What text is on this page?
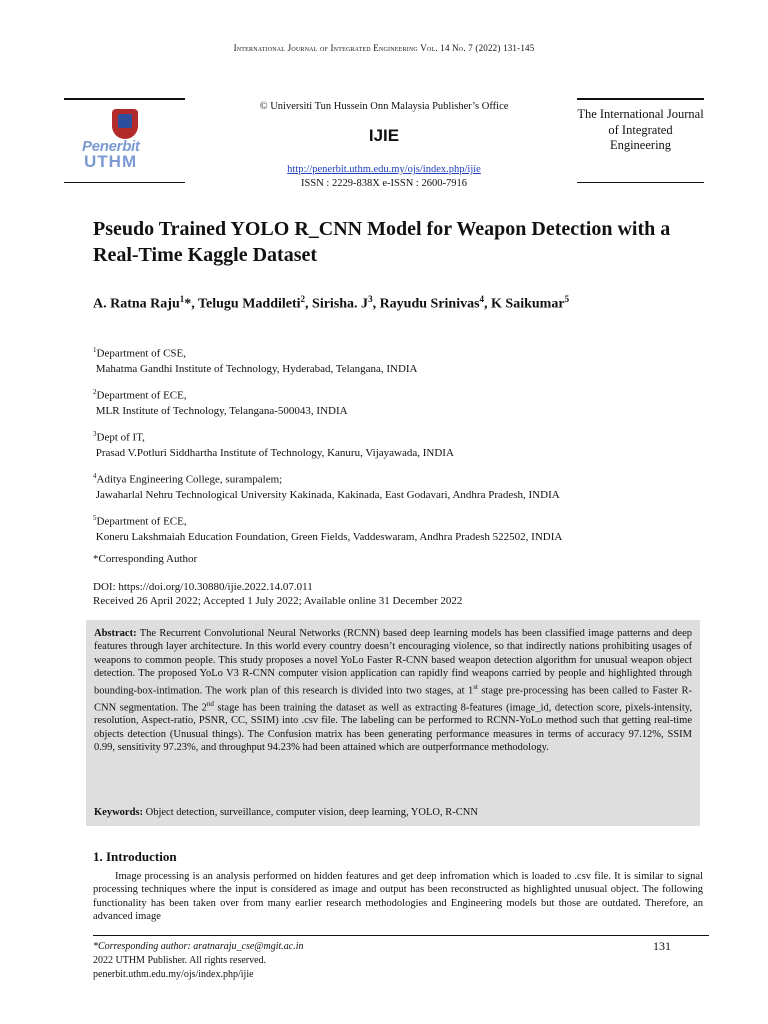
International Journal of Integrated Engineering Vol. 14 No. 7 (2022) 131-145
Penerbit
UTHM
© Universiti Tun Hussein Onn Malaysia Publisher’s Office
IJIE
http://penerbit.uthm.edu.my/ojs/index.php/ijie
ISSN : 2229-838X e-ISSN : 2600-7916
The International Journal of Integrated Engineering
Pseudo Trained YOLO R_CNN Model for Weapon Detection with a Real-Time Kaggle Dataset
A. Ratna Raju$^1$*, Telugu Maddileti$^2$, Sirisha. $J^3$, Rayudu Srinivas$^4$, K Saikumar$^5$
$^1$Department of CSE,
Mahatma Gandhi Institute of Technology, Hyderabad, Telangana, INDIA
$^2$Department of ECE,
MLR Institute of Technology, Telangana-500043, INDIA
$^3$Dept of IT,
Prasad V.Potluri Siddhartha Institute of Technology, Kanuru, Vijayawada, INDIA
$^4$Aditya Engineering College, surampalem;
Jawaharlal Nehru Technological University Kakinada, Kakinada, East Godavari, Andhra Pradesh, INDIA
$^5$Department of ECE,
Koneru Lakshmaiah Education Foundation, Green Fields, Vaddeswaram, Andhra Pradesh 522502, INDIA
*Corresponding Author
DOI: https://doi.org/10.30880/ijie.2022.14.07.011
Received 26 April 2022; Accepted 1 July 2022; Available online 31 December 2022
Abstract: The Recurrent Convolutional Neural Networks (RCNN) based deep learning models has been classified image patterns and deep features through layer architecture. In this world every country doesn’t encouraging violence, so that indirectly nations prohibiting usages of weapons to common people. This study proposes a novel YoLo Faster R-CNN based weapon detection algorithm for unusual weapon object detection. The proposed YoLo V3 R-CNN computer vision application can rapidly find weapons carried by people and highlighted through bounding-box-intimation. The work plan of this research is divided into two stages, at 1st stage pre-processing has been called to Faster R-CNN segmentation. The 2nd stage has been training the dataset as well as extracting 8-features (image_id, detection score, pixels-intensity, resolution, Aspect-ratio, PSNR, CC, SSIM) into .csv file. The labeling can be performed to RCNN-YoLo method such that getting real-time objects detection (Unusual things). The Confusion matrix has been generating performance measures in terms of accuracy 97.12%, SSIM 0.99, sensitivity 97.23%, and throughput 94.23% had been attained which are outperformance methodology.
Keywords: Object detection, surveillance, computer vision, deep learning, YOLO, R-CNN
1. Introduction
Image processing is an analysis performed on hidden features and get deep infromation which is loaded to .csv file. It is similar to signal processing techniques where the input is considered as image and output has been reconstructed as highlighted unusual object. The following functionality has been taken over from many earlier research methodologies and Engineering models but those are outdated. Therefore, an advanced image
*Corresponding author: aratnaraju_cse@mgit.ac.in	131
2022 UTHM Publisher. All rights reserved.
penerbit.uthm.edu.my/ojs/index.php/ijie
